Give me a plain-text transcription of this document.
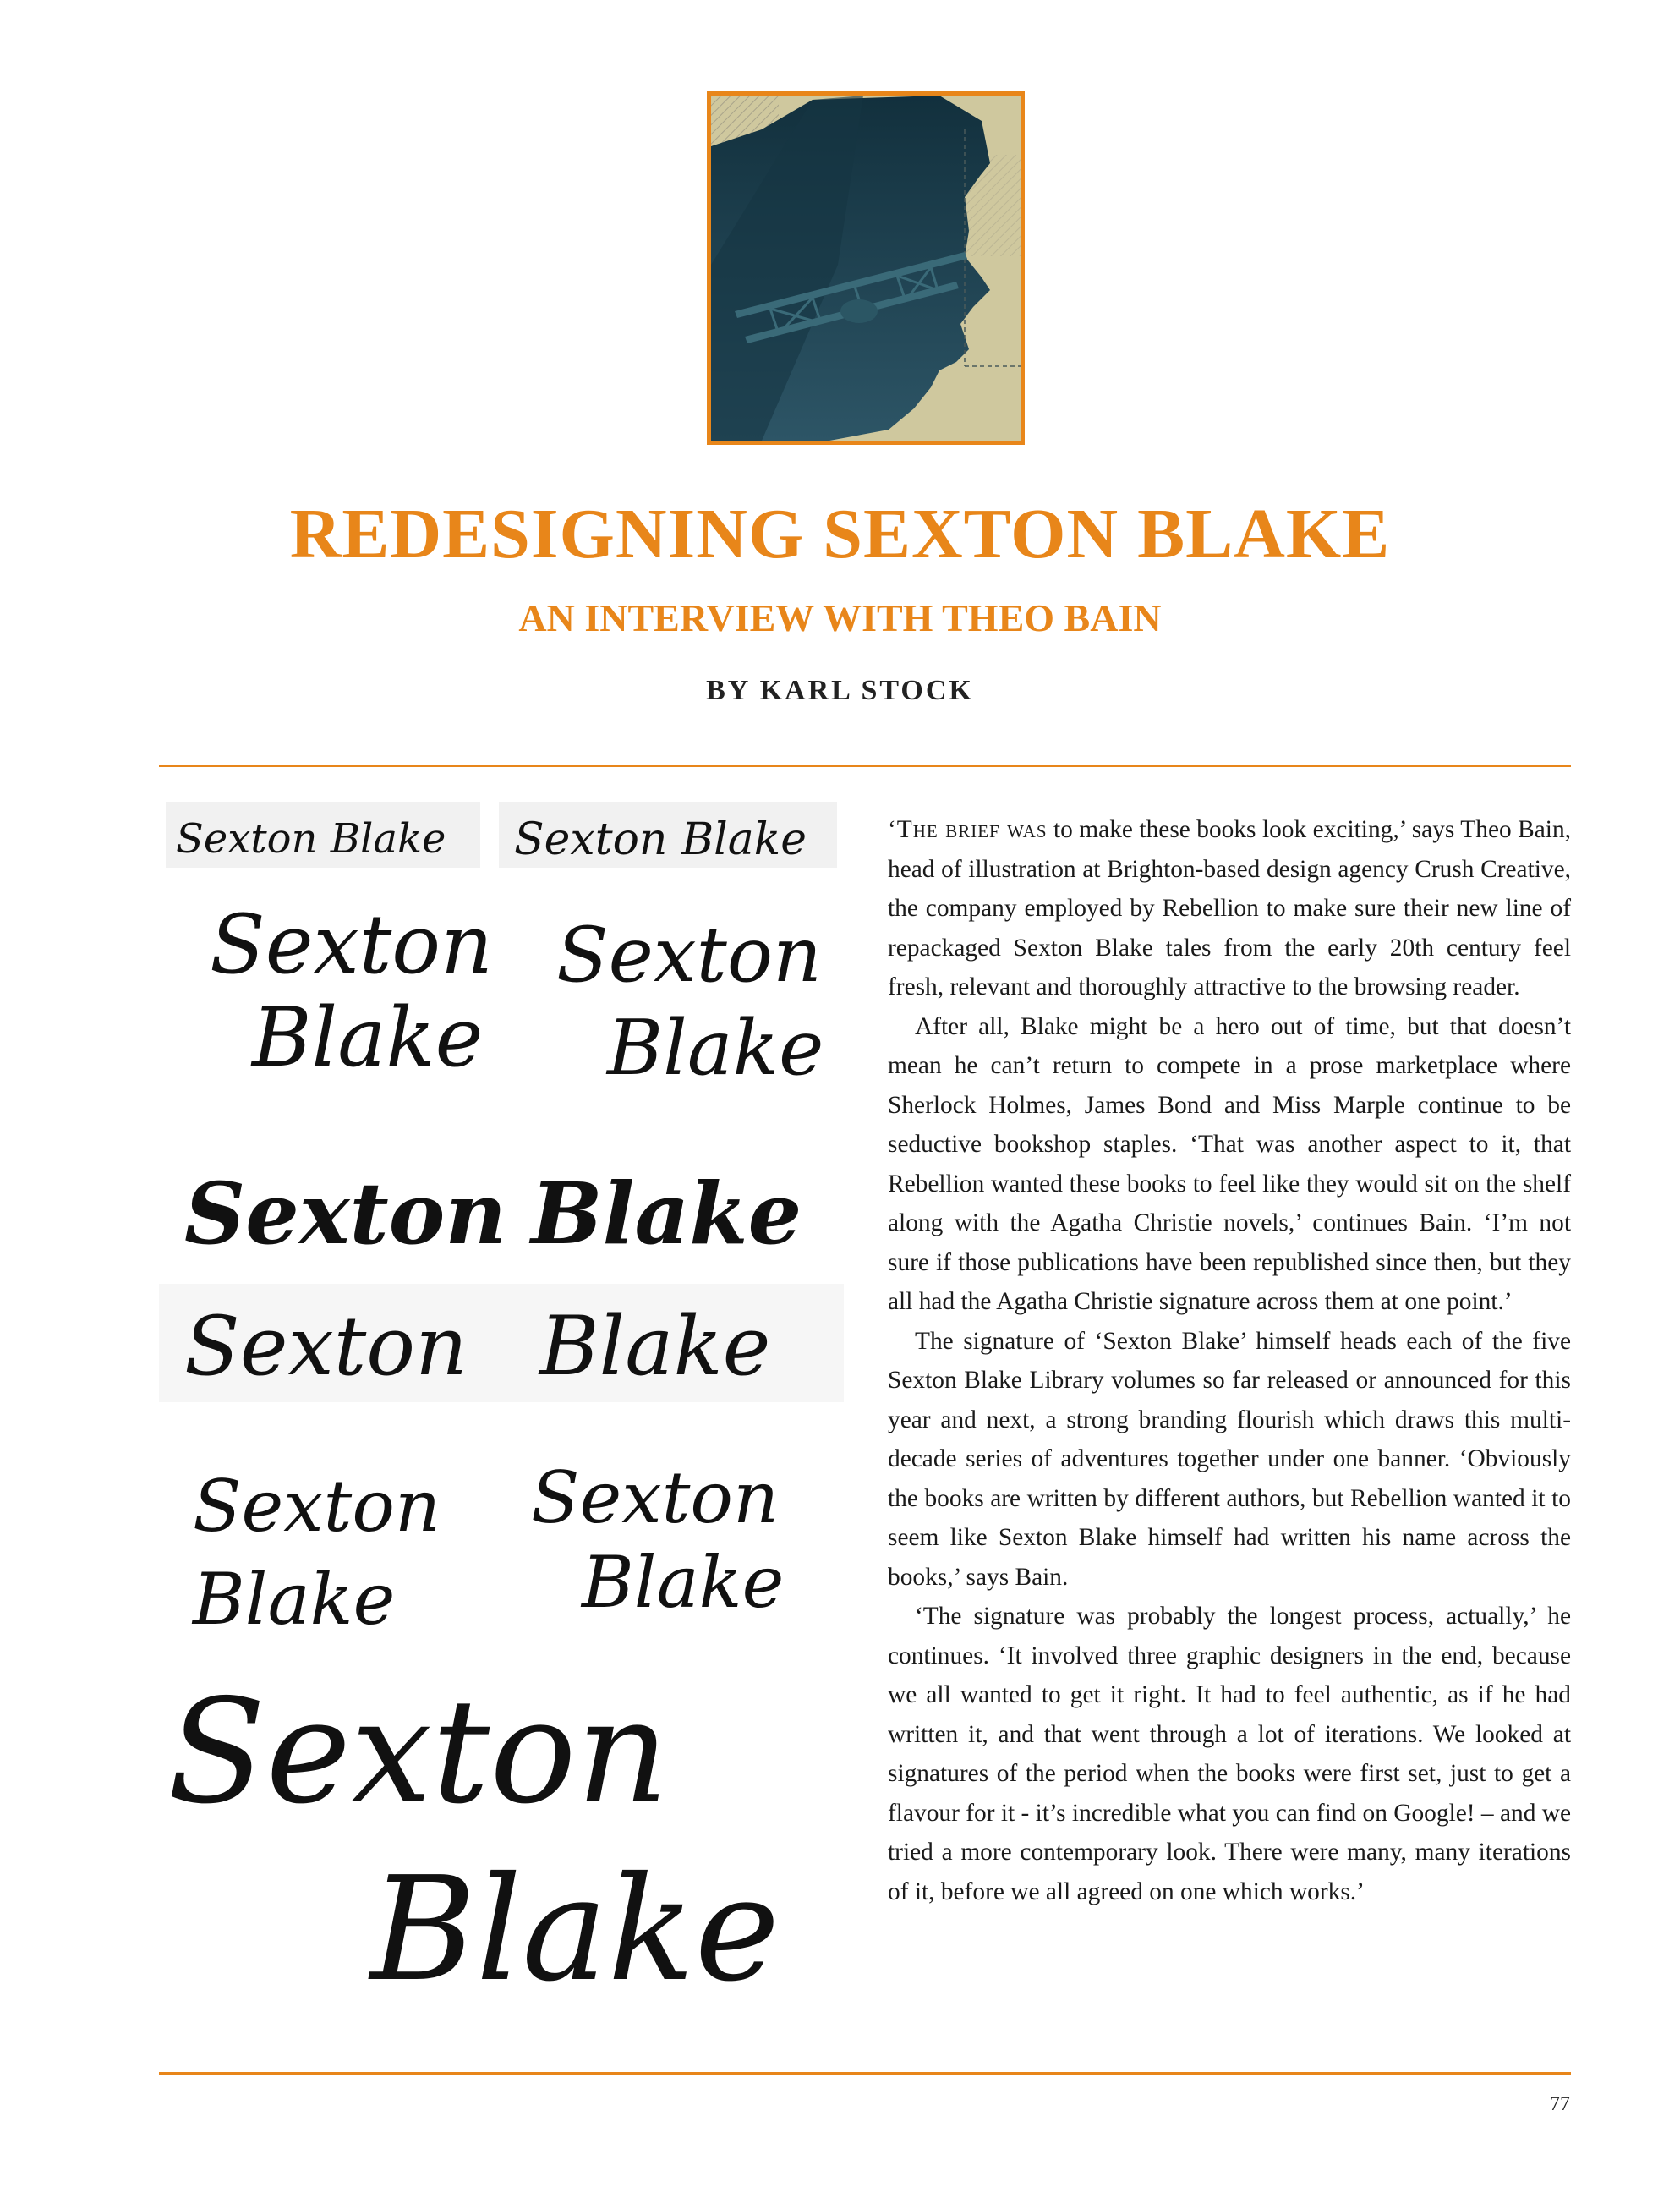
REDESIGNING SEXTON BLAKE
AN INTERVIEW WITH THEO BAIN
BY KARL STOCK
Sexton Blake Sexton Blake
Sexton
Blake
Sexton
Blake
Sexton Blake
Sexton Blake
Sexton
Blake
Sexton
Blake
Sexton
Blake

‘The brief was to make these books look exciting,’ says Theo Bain, head of illustration at Brighton-based design agency Crush Creative, the company employed by Rebellion to make sure their new line of repackaged Sexton Blake tales from the early 20th century feel fresh, relevant and thoroughly attractive to the browsing reader.

After all, Blake might be a hero out of time, but that doesn’t mean he can’t return to compete in a prose marketplace where Sherlock Holmes, James Bond and Miss Marple continue to be seductive bookshop staples. ‘That was another aspect to it, that Rebellion wanted these books to feel like they would sit on the shelf along with the Agatha Christie novels,’ continues Bain. ‘I’m not sure if those publications have been republished since then, but they all had the Agatha Christie signature across them at one point.’

The signature of ‘Sexton Blake’ himself heads each of the five Sexton Blake Library volumes so far released or announced for this year and next, a strong branding flourish which draws this multi-decade series of adventures together under one banner. ‘Obviously the books are written by different authors, but Rebellion wanted it to seem like Sexton Blake himself had written his name across the books,’ says Bain.

‘The signature was probably the longest process, actually,’ he continues. ‘It involved three graphic designers in the end, because we all wanted to get it right. It had to feel authentic, as if he had written it, and that went through a lot of iterations. We looked at signatures of the period when the books were first set, just to get a flavour for it - it’s incredible what you can find on Google! – and we tried a more contemporary look. There were many, many iterations of it, before we all agreed on one which works.’

77
